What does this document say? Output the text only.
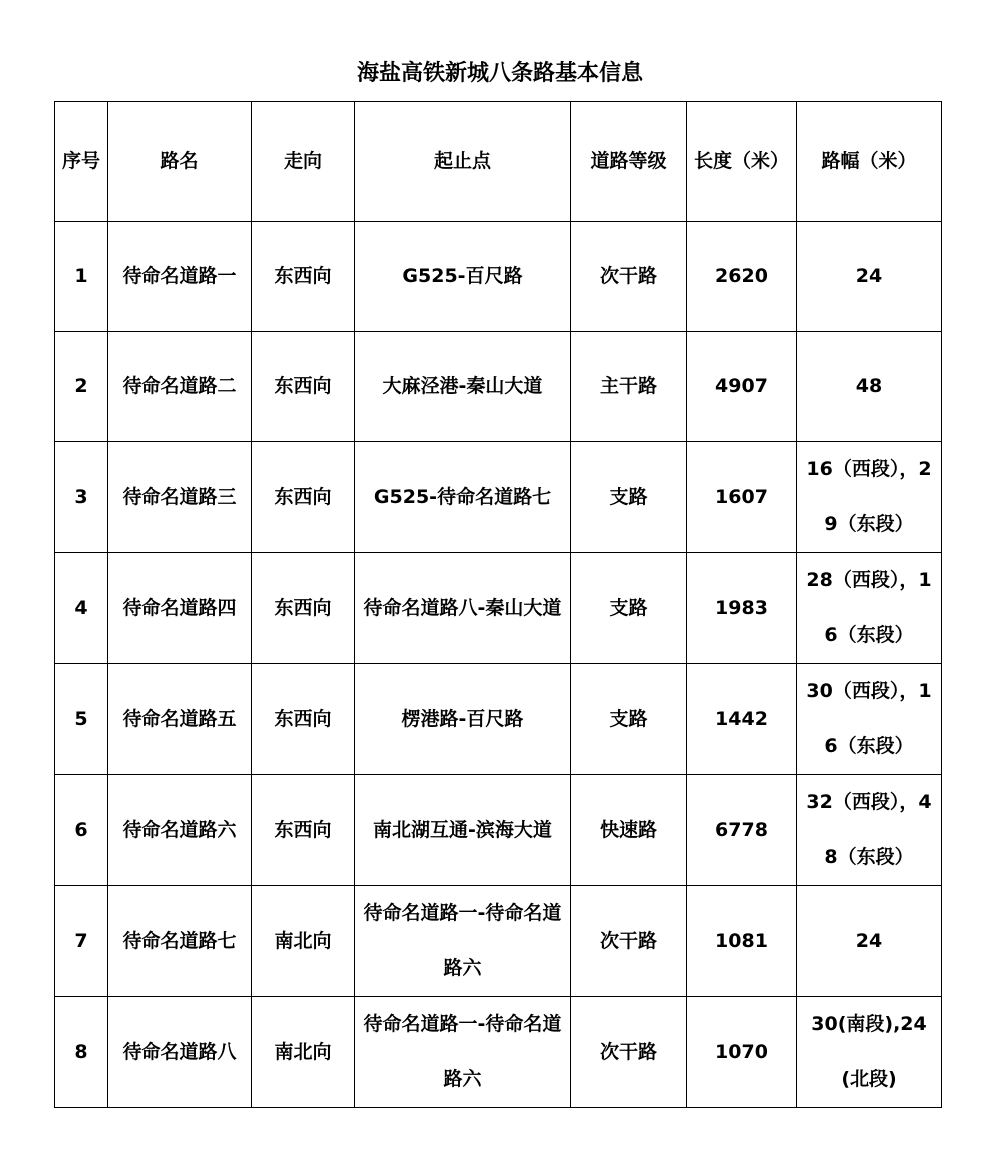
海盐高铁新城八条路基本信息
序号	路名	走向	起止点	道路等级	长度（米）	路幅（米）
1	待命名道路一	东西向	G525-百尺路	次干路	2620	24
2	待命名道路二	东西向	大麻泾港-秦山大道	主干路	4907	48
3	待命名道路三	东西向	G525-待命名道路七	支路	1607	16（西段），29（东段）
4	待命名道路四	东西向	待命名道路八-秦山大道	支路	1983	28（西段），16（东段）
5	待命名道路五	东西向	楞港路-百尺路	支路	1442	30（西段），16（东段）
6	待命名道路六	东西向	南北湖互通-滨海大道	快速路	6778	32（西段），48（东段）
7	待命名道路七	南北向	待命名道路一-待命名道路六	次干路	1081	24
8	待命名道路八	南北向	待命名道路一-待命名道路六	次干路	1070	30(南段),24(北段)
